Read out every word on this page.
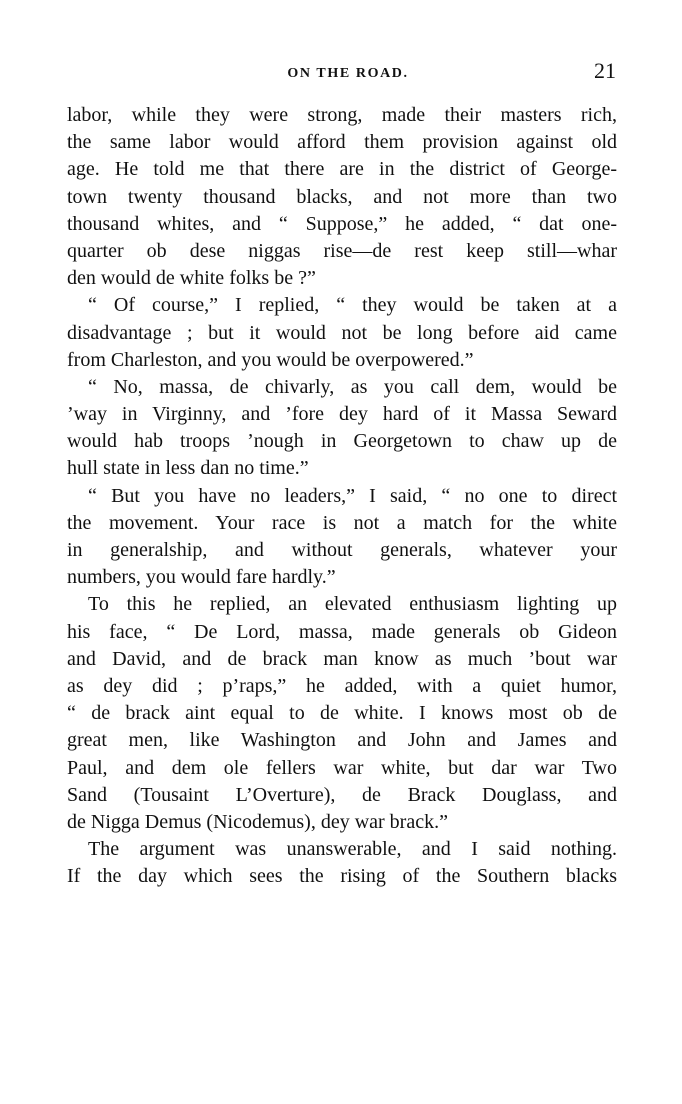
ON THE ROAD.	21
labor, while they were strong, made their masters rich,
the same labor would afford them provision against old
age. He told me that there are in the district of George-
town twenty thousand blacks, and not more than two
thousand whites, and “ Suppose,” he added, “ dat one-
quarter ob dese niggas rise—de rest keep still—whar
den would de white folks be ?”
“ Of course,” I replied, “ they would be taken at a
disadvantage ; but it would not be long before aid came
from Charleston, and you would be overpowered.”
“ No, massa, de chivarly, as you call dem, would be
’way in Virginny, and ’fore dey hard of it Massa Seward
would hab troops ’nough in Georgetown to chaw up de
hull state in less dan no time.”
“ But you have no leaders,” I said, “ no one to direct
the movement. Your race is not a match for the white
in generalship, and without generals, whatever your
numbers, you would fare hardly.”
To this he replied, an elevated enthusiasm lighting up
his face, “ De Lord, massa, made generals ob Gideon
and David, and de brack man know as much ’bout war
as dey did ; p’raps,” he added, with a quiet humor,
“ de brack aint equal to de white. I knows most ob de
great men, like Washington and John and James and
Paul, and dem ole fellers war white, but dar war Two
Sand (Tousaint L’Overture), de Brack Douglass, and
de Nigga Demus (Nicodemus), dey war brack.”
The argument was unanswerable, and I said nothing.
If the day which sees the rising of the Southern blacks
